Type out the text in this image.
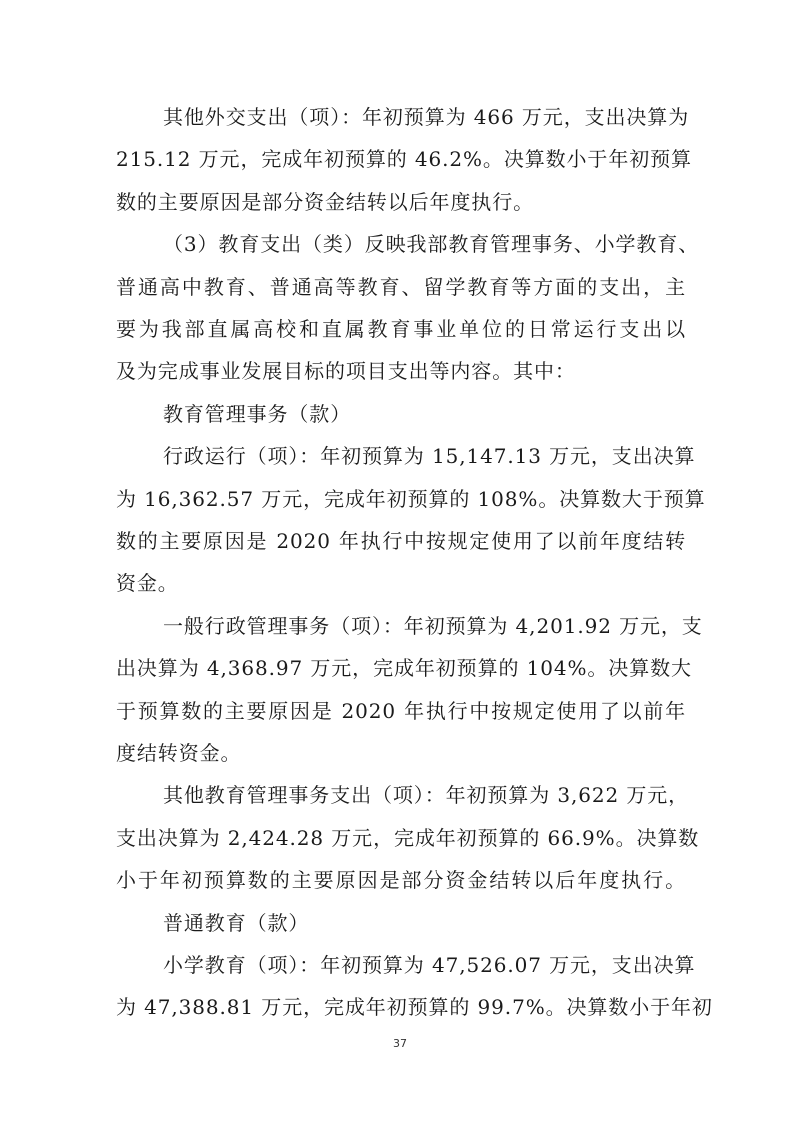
其他外交支出（项）：年初预算为 466 万元，支出决算为
215.12 万元，完成年初预算的 46.2%。决算数小于年初预算
数的主要原因是部分资金结转以后年度执行。
（3）教育支出（类）反映我部教育管理事务、小学教育、
普通高中教育、普通高等教育、留学教育等方面的支出，主
要为我部直属高校和直属教育事业单位的日常运行支出以
及为完成事业发展目标的项目支出等内容。其中：
教育管理事务（款）
行政运行（项）：年初预算为 15,147.13 万元，支出决算
为 16,362.57 万元，完成年初预算的 108%。决算数大于预算
数的主要原因是 2020 年执行中按规定使用了以前年度结转
资金。
一般行政管理事务（项）：年初预算为 4,201.92 万元，支
出决算为 4,368.97 万元，完成年初预算的 104%。决算数大
于预算数的主要原因是 2020 年执行中按规定使用了以前年
度结转资金。
其他教育管理事务支出（项）：年初预算为 3,622 万元，
支出决算为 2,424.28 万元，完成年初预算的 66.9%。决算数
小于年初预算数的主要原因是部分资金结转以后年度执行。
普通教育（款）
小学教育（项）：年初预算为 47,526.07 万元，支出决算
为 47,388.81 万元，完成年初预算的 99.7%。决算数小于年初
37
